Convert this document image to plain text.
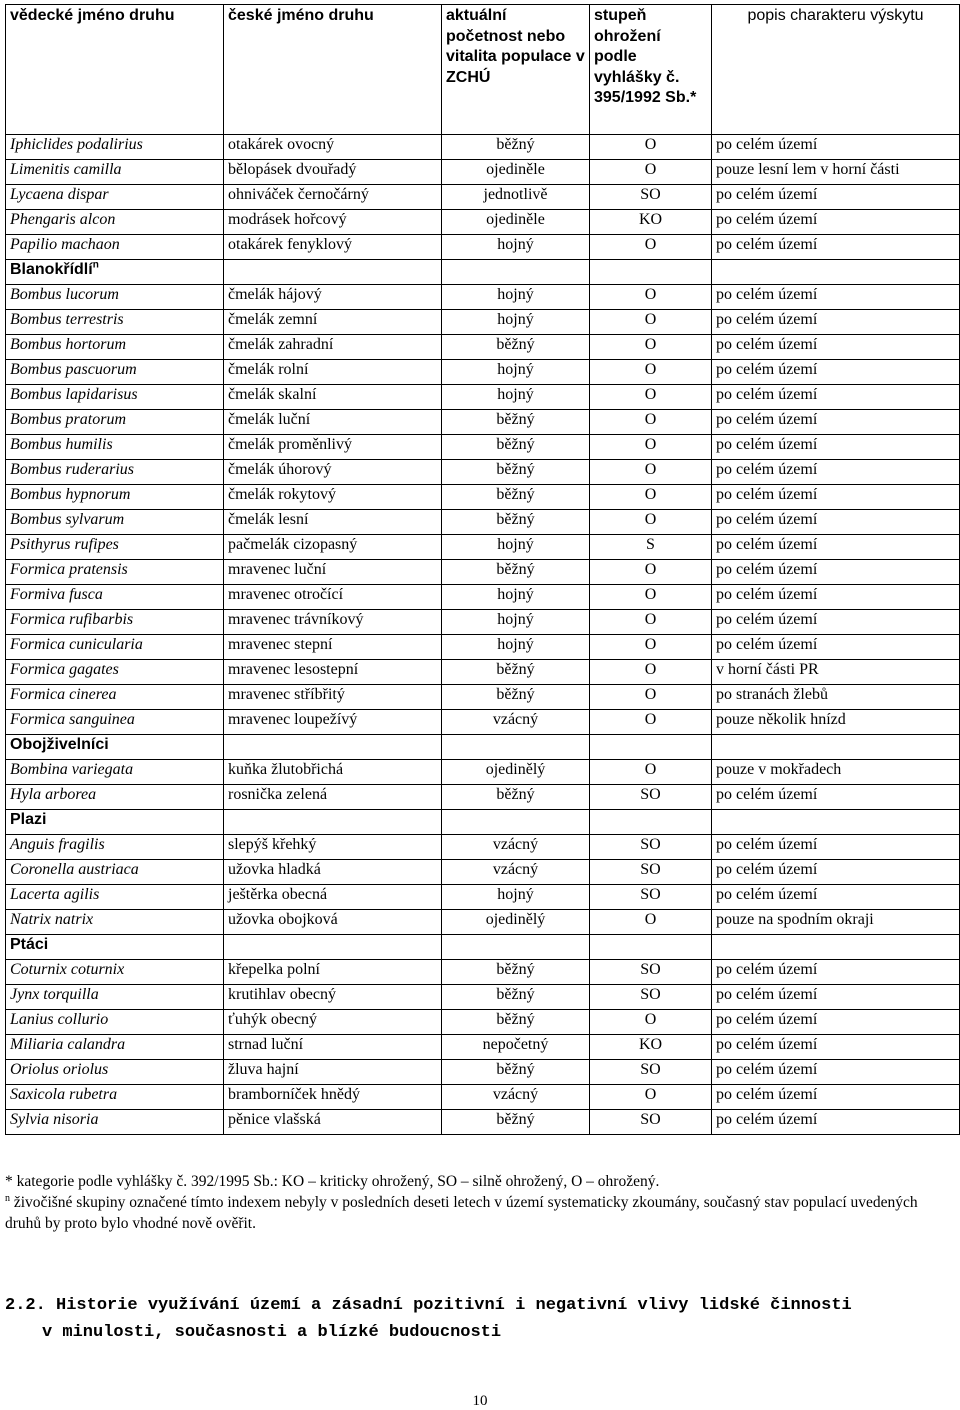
vědecké jméno druhu	české jméno druhu	aktuální početnost nebo vitalita populace v ZCHÚ	stupeň ohrožení podle vyhlášky č. 395/1992 Sb.*	popis charakteru výskytu
Iphiclides podalirius	otakárek ovocný	běžný	O	po celém území
Limenitis camilla	bělopásek dvouřadý	ojediněle	O	pouze lesní lem v horní části
Lycaena dispar	ohniváček černočárný	jednotlivě	SO	po celém území
Phengaris alcon	modrásek hořcový	ojediněle	KO	po celém území
Papilio machaon	otakárek fenyklový	hojný	O	po celém území
Blanokřídlí$^n$				
Bombus lucorum	čmelák hájový	hojný	O	po celém území
Bombus terrestris	čmelák zemní	hojný	O	po celém území
Bombus hortorum	čmelák zahradní	běžný	O	po celém území
Bombus pascuorum	čmelák rolní	hojný	O	po celém území
Bombus lapidarisus	čmelák skalní	hojný	O	po celém území
Bombus pratorum	čmelák luční	běžný	O	po celém území
Bombus humilis	čmelák proměnlivý	běžný	O	po celém území
Bombus ruderarius	čmelák úhorový	běžný	O	po celém území
Bombus hypnorum	čmelák rokytový	běžný	O	po celém území
Bombus sylvarum	čmelák lesní	běžný	O	po celém území
Psithyrus rufipes	pačmelák cizopasný	hojný	S	po celém území
Formica pratensis	mravenec luční	běžný	O	po celém území
Formiva fusca	mravenec otročící	hojný	O	po celém území
Formica rufibarbis	mravenec trávníkový	hojný	O	po celém území
Formica cunicularia	mravenec stepní	hojný	O	po celém území
Formica gagates	mravenec lesostepní	běžný	O	v horní části PR
Formica cinerea	mravenec stříbřitý	běžný	O	po stranách žlebů
Formica sanguinea	mravenec loupežívý	vzácný	O	pouze několik hnízd
Obojživelníci				
Bombina variegata	kuňka žlutobřichá	ojedinělý	O	pouze v mokřadech
Hyla arborea	rosnička zelená	běžný	SO	po celém území
Plazi				
Anguis fragilis	slepýš křehký	vzácný	SO	po celém území
Coronella austriaca	užovka hladká	vzácný	SO	po celém území
Lacerta agilis	ještěrka obecná	hojný	SO	po celém území
Natrix natrix	užovka obojková	ojedinělý	O	pouze na spodním okraji
Ptáci				
Coturnix coturnix	křepelka polní	běžný	SO	po celém území
Jynx torquilla	krutihlav obecný	běžný	SO	po celém území
Lanius collurio	ťuhýk obecný	běžný	O	po celém území
Miliaria calandra	strnad luční	nepočetný	KO	po celém území
Oriolus oriolus	žluva hajní	běžný	SO	po celém území
Saxicola rubetra	bramborníček hnědý	vzácný	O	po celém území
Sylvia nisoria	pěnice vlašská	běžný	SO	po celém území

* kategorie podle vyhlášky č. 392/1995 Sb.: KO – kriticky ohrožený, SO – silně ohrožený, O – ohrožený.

$^n$ živočišné skupiny označené tímto indexem nebyly v posledních deseti letech v území systematicky zkoumány, současný stav populací uvedených druhů by proto bylo vhodné nově ověřit.

2.2. Historie využívání území a zásadní pozitivní i negativní vlivy lidské činnosti
v minulosti, současnosti a blízké budoucnosti
10
